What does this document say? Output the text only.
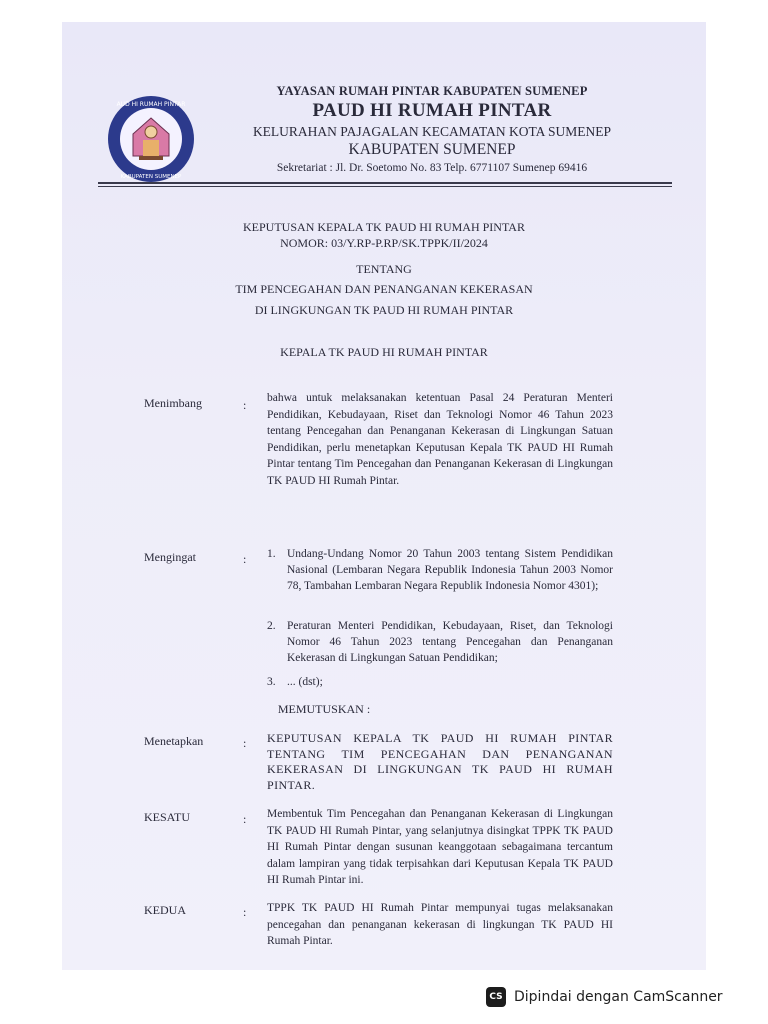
AUD HI RUMAH PINTAR
KABUPATEN SUMENEP
YAYASAN RUMAH PINTAR KABUPATEN SUMENEP
PAUD HI RUMAH PINTAR
KELURAHAN PAJAGALAN KECAMATAN KOTA SUMENEP
KABUPATEN SUMENEP
Sekretariat : Jl. Dr. Soetomo No. 83 Telp. 6771107 Sumenep 69416
KEPUTUSAN KEPALA TK PAUD HI RUMAH PINTAR
NOMOR: 03/Y.RP-P.RP/SK.TPPK/II/2024
TENTANG
TIM PENCEGAHAN DAN PENANGANAN KEKERASAN
DI LINGKUNGAN TK PAUD HI RUMAH PINTAR
KEPALA TK PAUD HI RUMAH PINTAR
Menimbang	: bahwa untuk melaksanakan ketentuan Pasal 24 Peraturan Menteri Pendidikan, Kebudayaan, Riset dan Teknologi Nomor 46 Tahun 2023 tentang Pencegahan dan Penanganan Kekerasan di Lingkungan Satuan Pendidikan, perlu menetapkan Keputusan Kepala TK PAUD HI Rumah Pintar tentang Tim Pencegahan dan Penanganan Kekerasan di Lingkungan TK PAUD HI Rumah Pintar.
Mengingat	: 1. Undang-Undang Nomor 20 Tahun 2003 tentang Sistem Pendidikan Nasional (Lembaran Negara Republik Indonesia Tahun 2003 Nomor 78, Tambahan Lembaran Negara Republik Indonesia Nomor 4301);
2. Peraturan Menteri Pendidikan, Kebudayaan, Riset, dan Teknologi Nomor 46 Tahun 2023 tentang Pencegahan dan Penanganan Kekerasan di Lingkungan Satuan Pendidikan;
3. ... (dst);
MEMUTUSKAN :
Menetapkan	: KEPUTUSAN KEPALA TK PAUD HI RUMAH PINTAR TENTANG TIM PENCEGAHAN DAN PENANGANAN KEKERASAN DI LINGKUNGAN TK PAUD HI RUMAH PINTAR.
KESATU	: Membentuk Tim Pencegahan dan Penanganan Kekerasan di Lingkungan TK PAUD HI Rumah Pintar, yang selanjutnya disingkat TPPK TK PAUD HI Rumah Pintar dengan susunan keanggotaan sebagaimana tercantum dalam lampiran yang tidak terpisahkan dari Keputusan Kepala TK PAUD HI Rumah Pintar ini.
KEDUA	: TPPK TK PAUD HI Rumah Pintar mempunyai tugas melaksanakan pencegahan dan penanganan kekerasan di lingkungan TK PAUD HI Rumah Pintar.
CS Dipindai dengan CamScanner
